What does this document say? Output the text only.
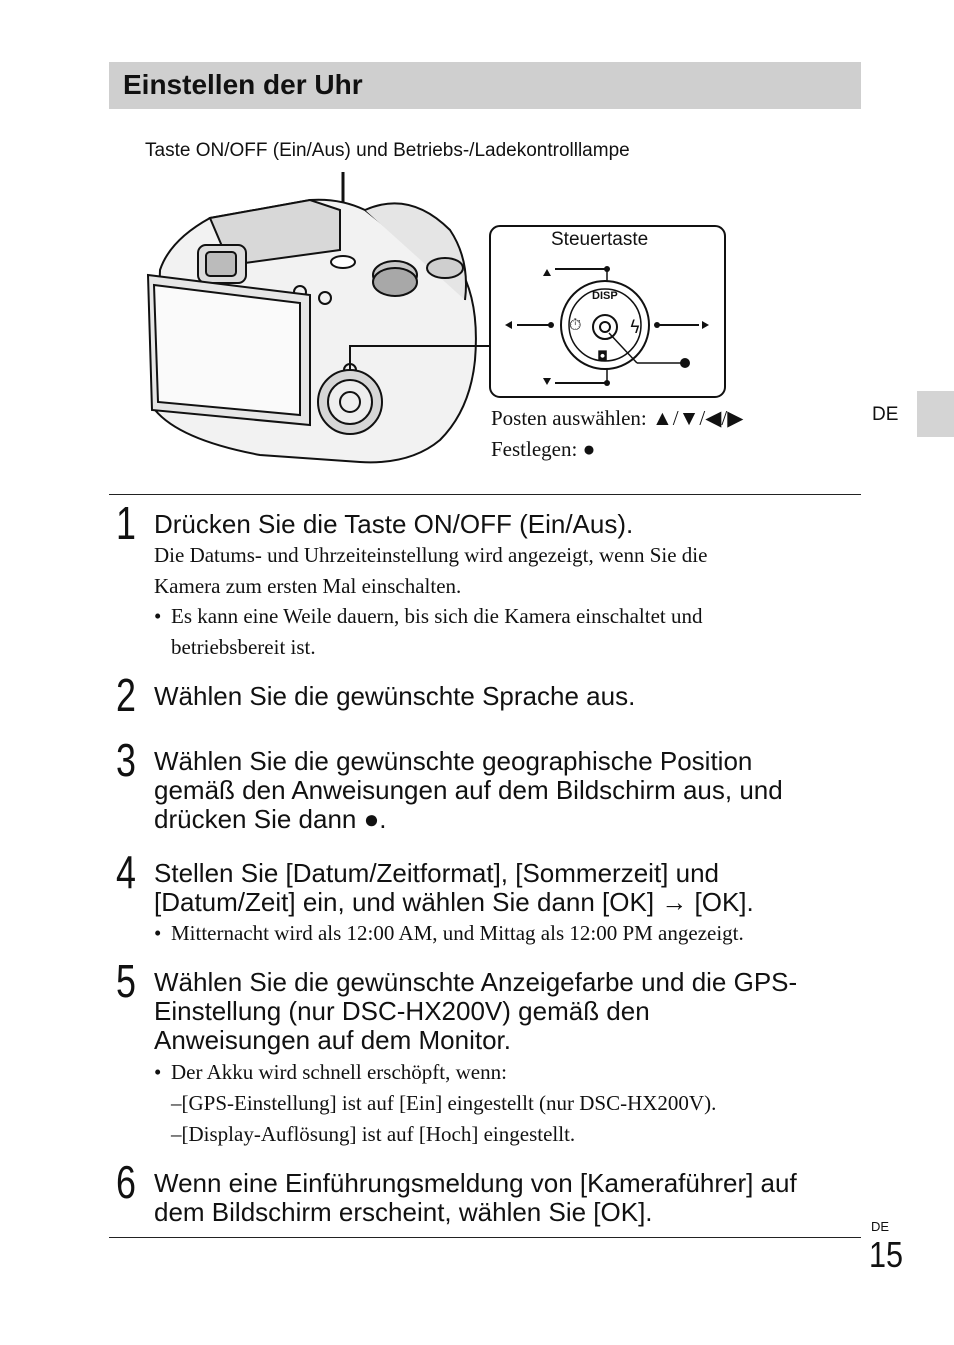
Einstellen der Uhr
Taste ON/OFF (Ein/Aus) und Betriebs-/Ladekontrolllampe
⏱	ϟ
◘
Steuertaste
DISP
Posten auswählen: ▲/▼/◀/▶
Festlegen: ●
DE
1 Drücken Sie die Taste ON/OFF (Ein/Aus).
Die Datums- und Uhrzeiteinstellung wird angezeigt, wenn Sie die
Kamera zum ersten Mal einschalten.
• Es kann eine Weile dauern, bis sich die Kamera einschaltet und
betriebsbereit ist.
2 Wählen Sie die gewünschte Sprache aus.
3 Wählen Sie die gewünschte geographische Position
gemäß den Anweisungen auf dem Bildschirm aus, und
drücken Sie dann ●.
4 Stellen Sie [Datum/Zeitformat], [Sommerzeit] und
[Datum/Zeit] ein, und wählen Sie dann [OK] → [OK].
• Mitternacht wird als 12:00 AM, und Mittag als 12:00 PM angezeigt.
5 Wählen Sie die gewünschte Anzeigefarbe und die GPS-
Einstellung (nur DSC-HX200V) gemäß den
Anweisungen auf dem Monitor.
• Der Akku wird schnell erschöpft, wenn:
–[GPS-Einstellung] ist auf [Ein] eingestellt (nur DSC-HX200V).
–[Display-Auflösung] ist auf [Hoch] eingestellt.
6 Wenn eine Einführungsmeldung von [Kameraführer] auf
dem Bildschirm erscheint, wählen Sie [OK].	DE
15
